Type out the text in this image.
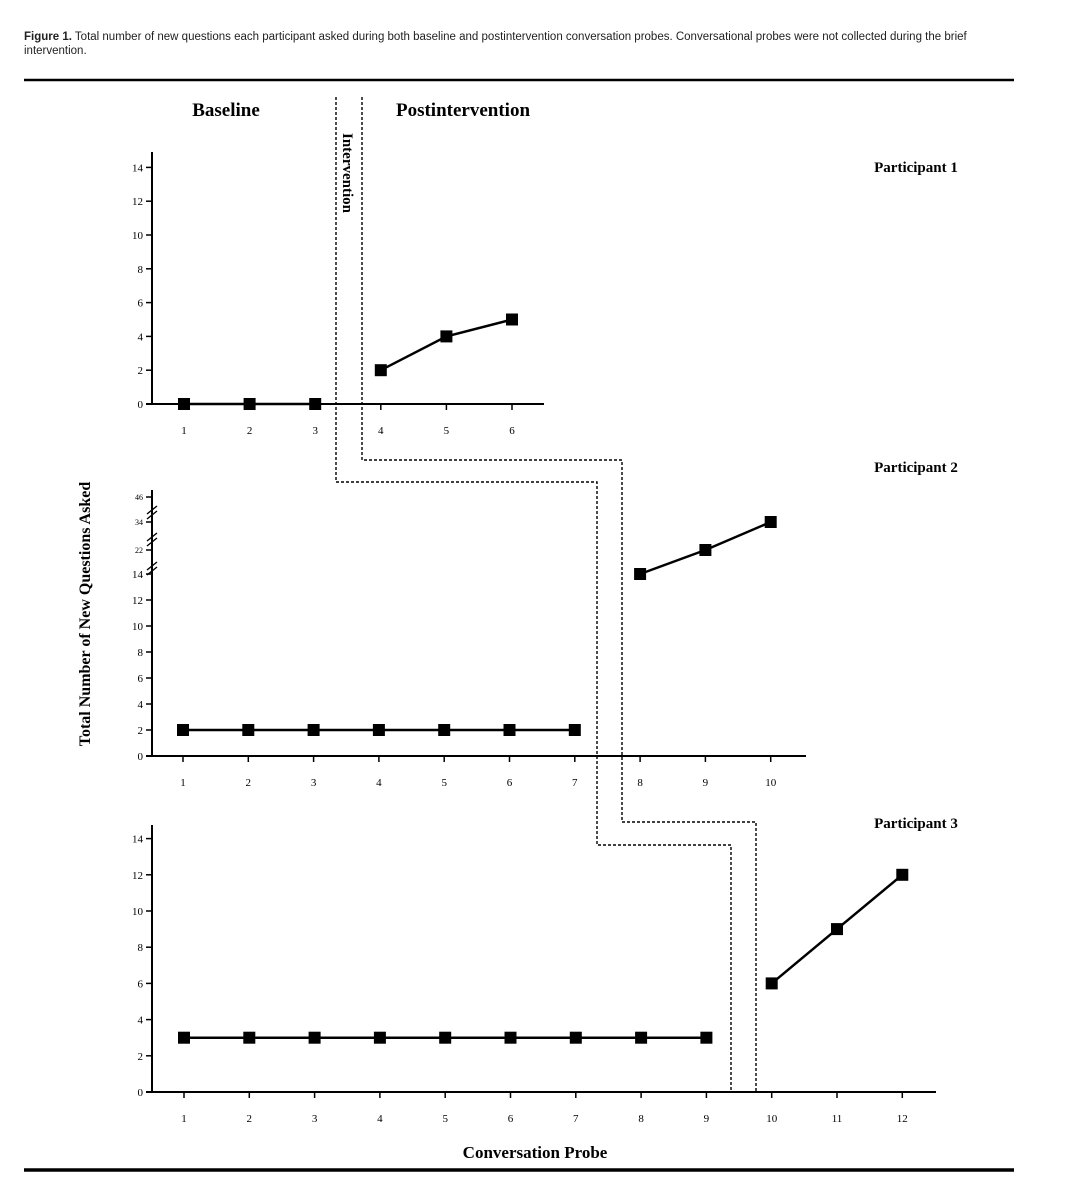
Figure 1. Total number of new questions each participant asked during both baseline and postintervention conversation probes. Conversational probes were not collected during the brief intervention.
Baseline	Postintervention
Intervention
Total Number of New Questions Asked
Conversation Probe
Participant 1
Participant 2
Participant 3
0
2
4
6
8
10
12
14
1	2	3	4	5	6
0
2
4
6
8
10
12
14
22
34
46
1	2	3	4	5	6	7	8	9	10
0
2
4
6
8
10
12
14
1	2	3	4	5	6	7	8	9	10	11	12
